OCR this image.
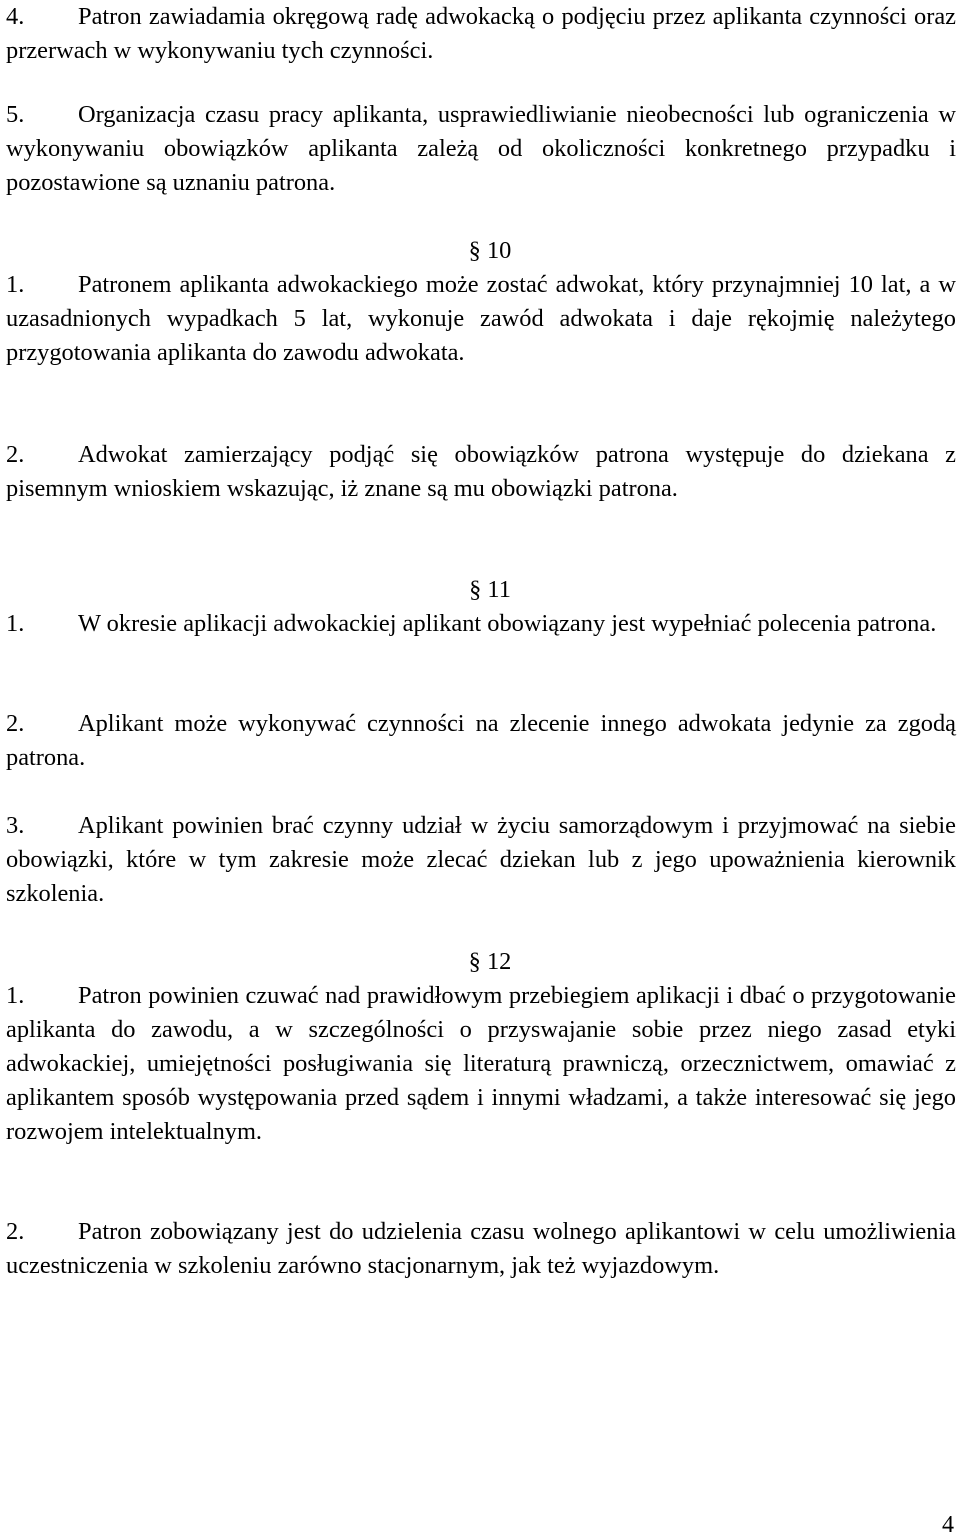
4. Patron zawiadamia okręgową radę adwokacką o podjęciu przez aplikanta czynności oraz przerwach w wykonywaniu tych czynności.

5. Organizacja czasu pracy aplikanta, usprawiedliwianie nieobecności lub ograniczenia w wykonywaniu obowiązków aplikanta zależą od okoliczności konkretnego przypadku i pozostawione są uznaniu patrona.

§ 10

1. Patronem aplikanta adwokackiego może zostać adwokat, który przynajmniej 10 lat, a w uzasadnionych wypadkach 5 lat, wykonuje zawód adwokata i daje rękojmię należytego przygotowania aplikanta do zawodu adwokata.

2. Adwokat zamierzający podjąć się obowiązków patrona występuje do dziekana z pisemnym wnioskiem wskazując, iż znane są mu obowiązki patrona.

§ 11

1. W okresie aplikacji adwokackiej aplikant obowiązany jest wypełniać polecenia patrona.

2. Aplikant może wykonywać czynności na zlecenie innego adwokata jedynie za zgodą patrona.

3. Aplikant powinien brać czynny udział w życiu samorządowym i przyjmować na siebie obowiązki, które w tym zakresie może zlecać dziekan lub z jego upoważnienia kierownik szkolenia.

§ 12

1. Patron powinien czuwać nad prawidłowym przebiegiem aplikacji i dbać o przygotowanie aplikanta do zawodu, a w szczególności o przyswajanie sobie przez niego zasad etyki adwokackiej, umiejętności posługiwania się literaturą prawniczą, orzecznictwem, omawiać z aplikantem sposób występowania przed sądem i innymi władzami, a także interesować się jego rozwojem intelektualnym.

2. Patron zobowiązany jest do udzielenia czasu wolnego aplikantowi w celu umożliwienia uczestniczenia w szkoleniu zarówno stacjonarnym, jak też wyjazdowym.

4
